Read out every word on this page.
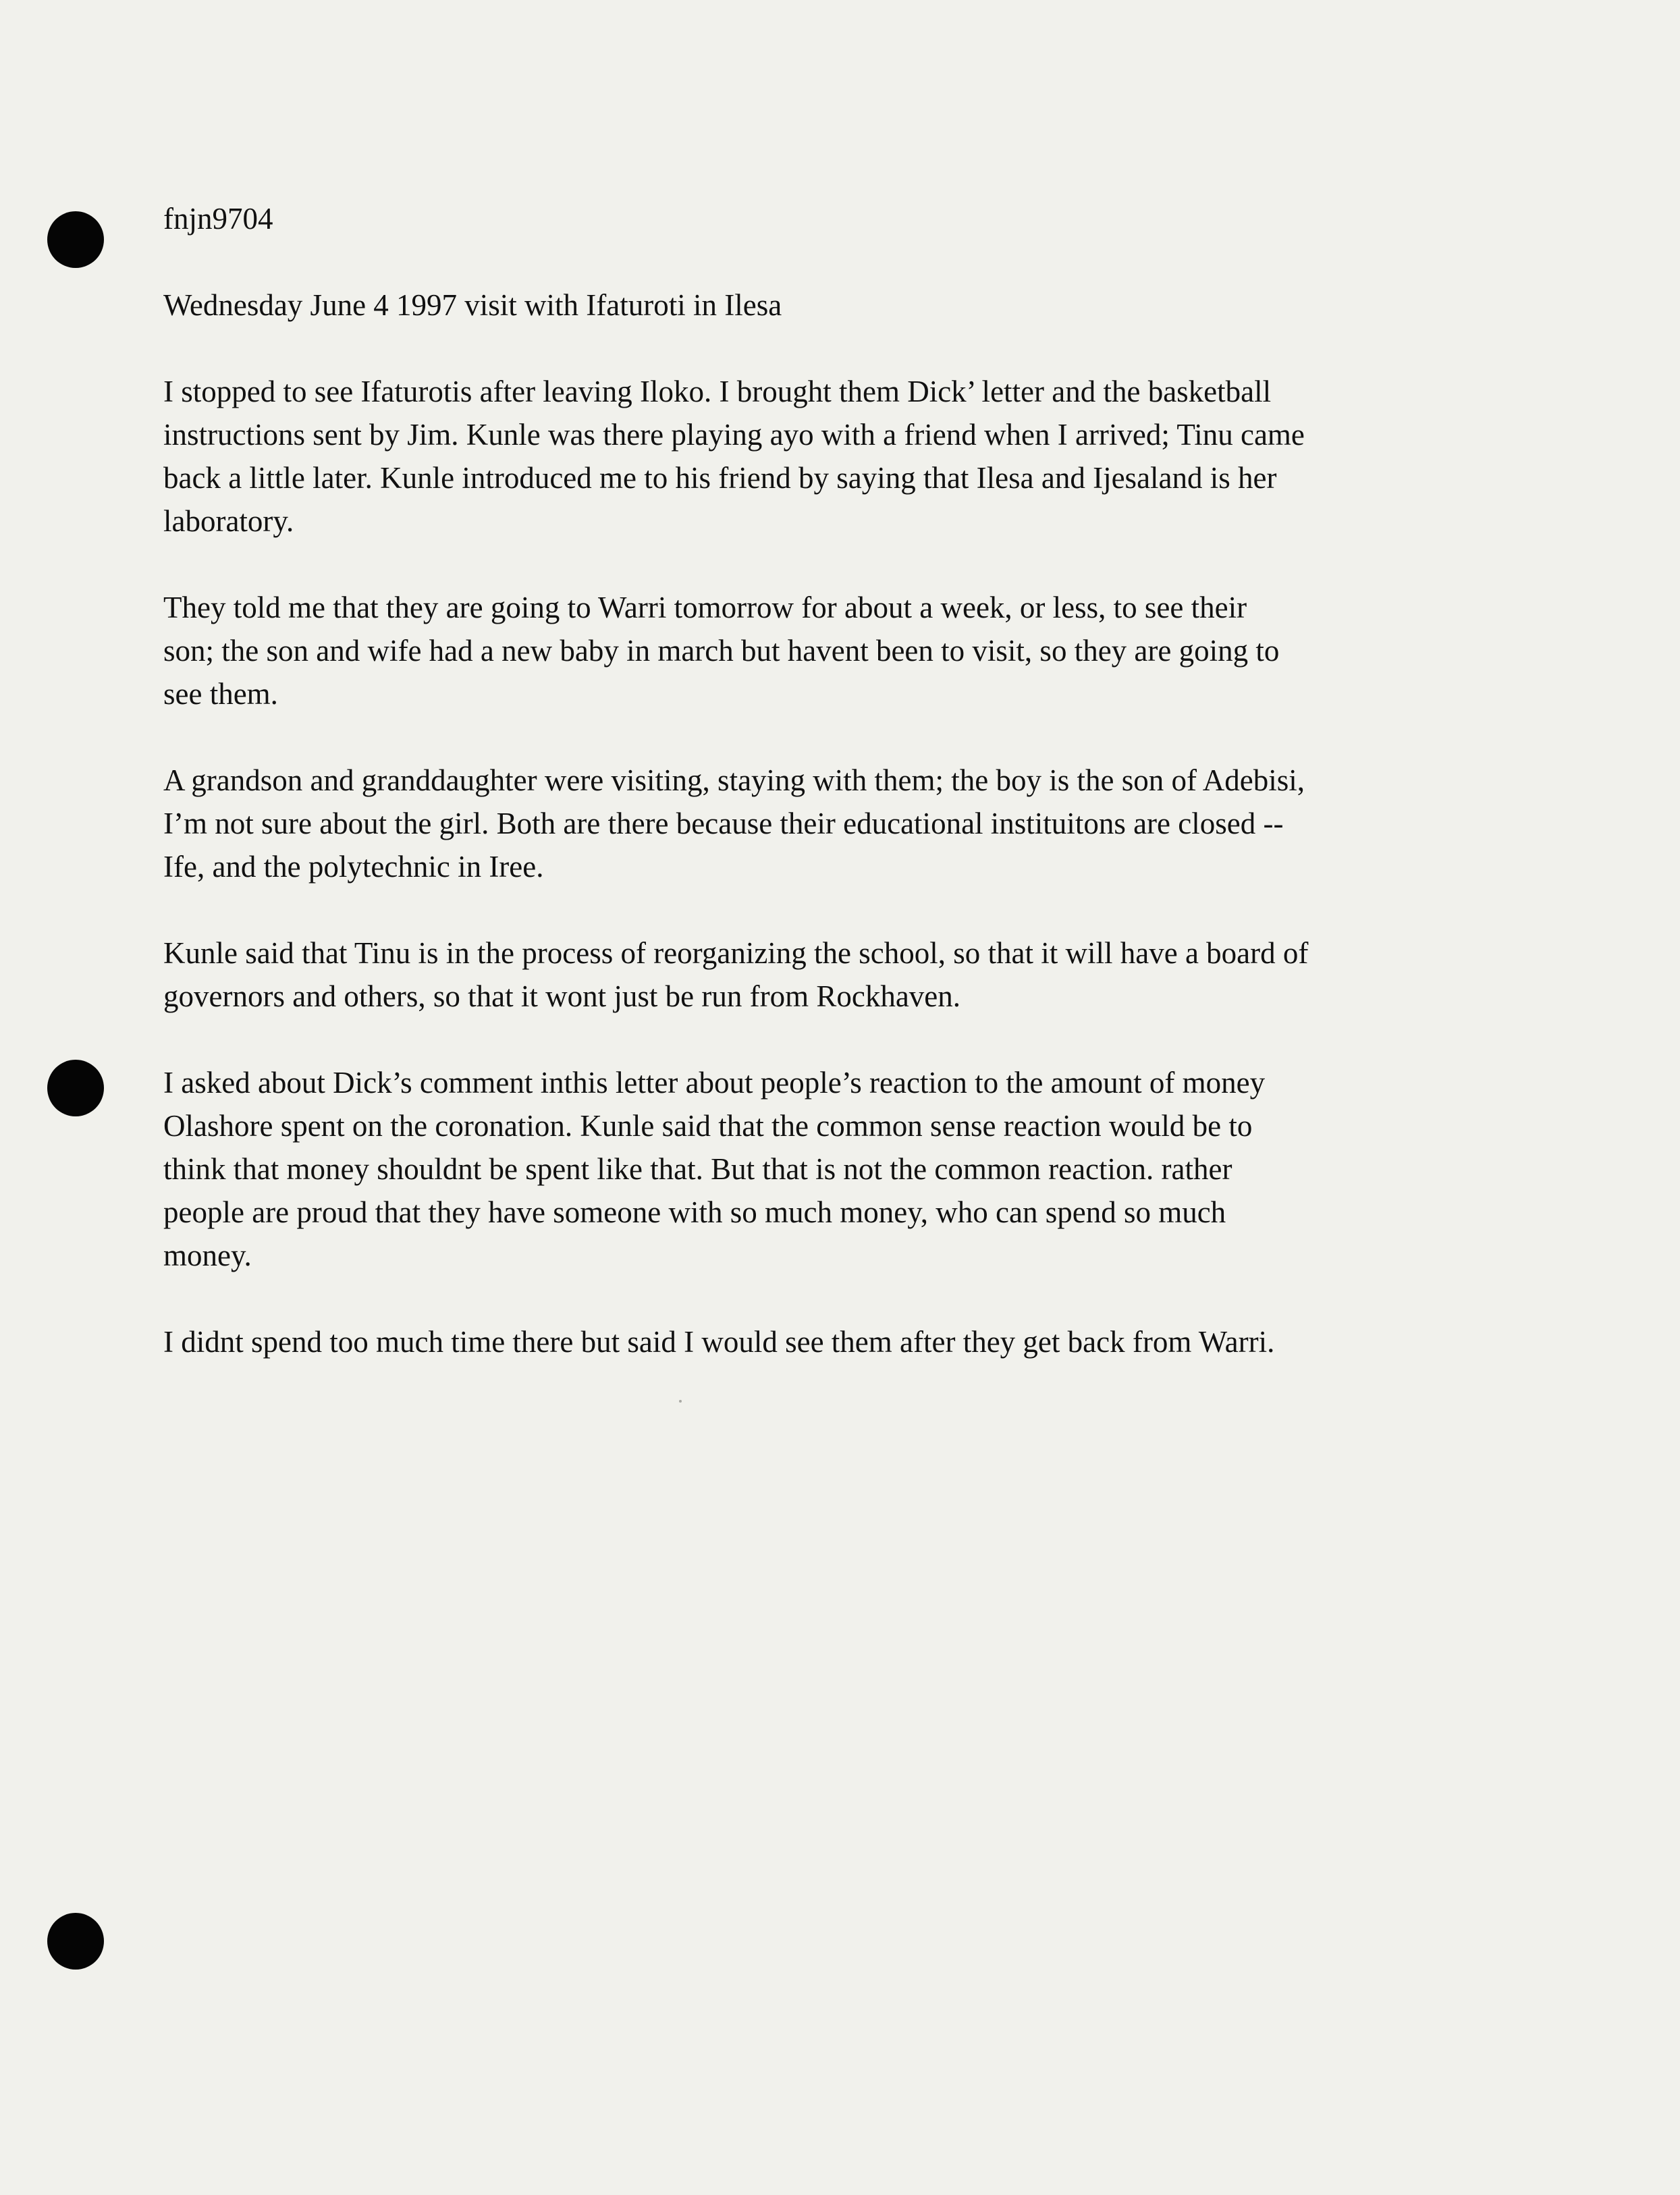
fnjn9704

Wednesday June 4 1997 visit with Ifaturoti in Ilesa

I stopped to see Ifaturotis after leaving Iloko. I brought them Dick’ letter and the basketball
instructions sent by Jim. Kunle was there playing ayo with a friend when I arrived; Tinu came
back a little later. Kunle introduced me to his friend by saying that Ilesa and Ijesaland is her
laboratory.

They told me that they are going to Warri tomorrow for about a week, or less, to see their
son; the son and wife had a new baby in march but havent been to visit, so they are going to
see them.

A grandson and granddaughter were visiting, staying with them; the boy is the son of Adebisi,
I’m not sure about the girl. Both are there because their educational instituitons are closed --
Ife, and the polytechnic in Iree.

Kunle said that Tinu is in the process of reorganizing the school, so that it will have a board of
governors and others, so that it wont just be run from Rockhaven.

I asked about Dick’s comment inthis letter about people’s reaction to the amount of money
Olashore spent on the coronation. Kunle said that the common sense reaction would be to
think that money shouldnt be spent like that. But that is not the common reaction. rather
people are proud that they have someone with so much money, who can spend so much
money.

I didnt spend too much time there but said I would see them after they get back from Warri.
